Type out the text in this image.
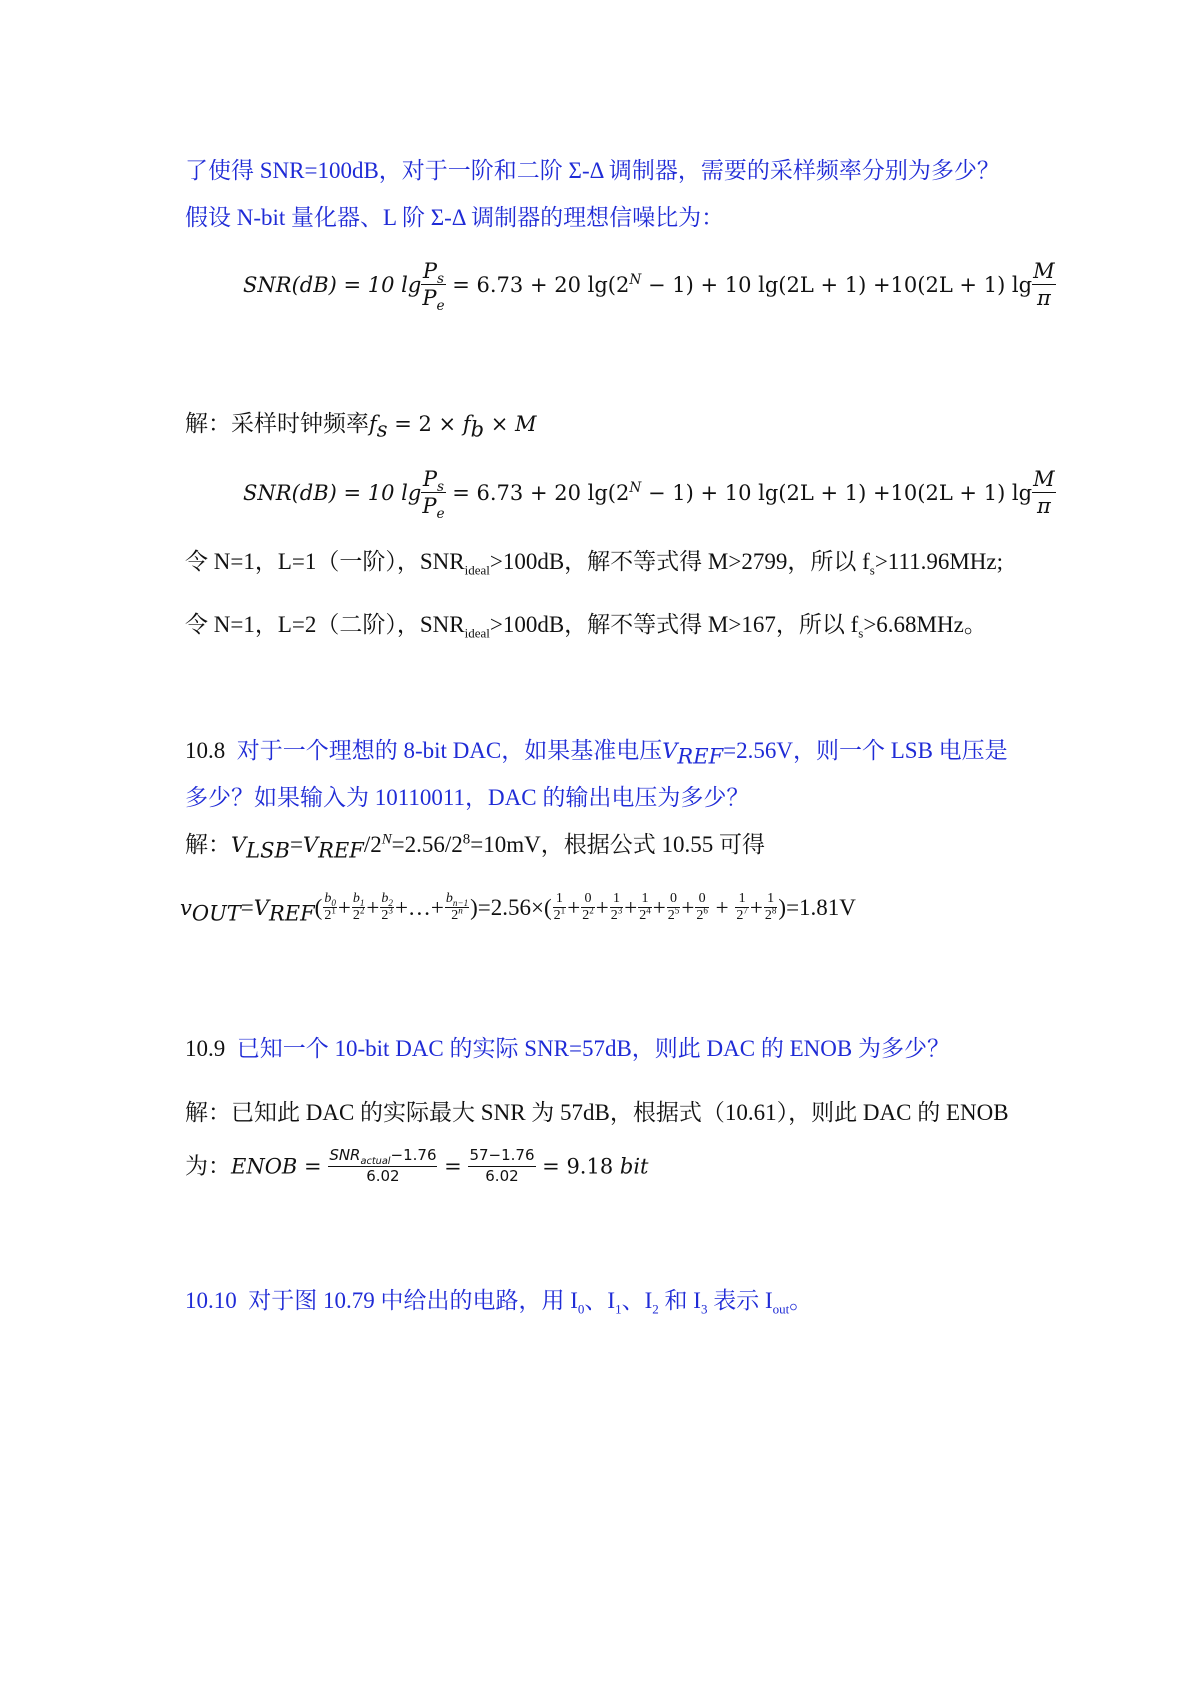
了使得 SNR=100dB，对于一阶和二阶 Σ-Δ 调制器，需要的采样频率分别为多少？
假设 N-bit 量化器、L 阶 Σ-Δ 调制器的理想信噪比为：
SNR(dB) = 10 $\lg \frac{P_s}{P_e} = 6.73 + 20$ $\lg(2^N - 1) + 10$ lg(2L + 1) +10(2L + 1) $\lg \frac{M}{\pi}$
解：采样时钟频率$f_s = 2 \times f_b \times M$
SNR(dB) = 10 $\lg \frac{P_s}{P_e} = 6.73 + 20$ $\lg(2^N - 1) + 10$ lg(2L + 1) +10(2L + 1) $\lg \frac{M}{\pi}$
令 N=1，L=1（一阶），$SNR_{ideal}>100dB$，解不等式得 M>2799，所以 $f_s>111.96MHz$;
令 N=1，L=2（二阶），$SNR_{ideal}>100dB$，解不等式得 M>167，所以 $f_s>6.68MHz$。
10.8 对于一个理想的 8-bit DAC，如果基准电压$V_{REF}=2.56V$，则一个 LSB 电压是
多少？如果输入为 10110011，DAC 的输出电压为多少？
解：$V_{LSB}=V_{REF}/2^N=2.56/2^8=10mV$，根据公式 10.55 可得
$v_{OUT}=V_{REF}( \frac{b_0}{2^1} + \frac{b_1}{2^2} + \frac{b_2}{2^3}$ +…+ $\frac{b_{n-1}}{2^n} )=2.56\times( \frac{1}{2^1} + \frac{0}{2^2} + \frac{1}{2^3} + \frac{1}{2^4} + \frac{0}{2^5} + \frac{0}{2^6} + \frac{1}{2^7} + \frac{1}{2^8} )=1.81V$
10.9 已知一个 10-bit DAC 的实际 SNR=57dB，则此 DAC 的 ENOB 为多少？
解：已知此 DAC 的实际最大 SNR 为 57dB，根据式（10.61），则此 DAC 的 ENOB
为：ENOB = $\frac{SNR_{actual}-1.76}{6.02} = \frac{57-1.76}{6.02} = 9.18$ bit
10.10 对于图 10.79 中给出的电路，用 $I_0$、$I_1$、$I_2$ 和 $I_3$ 表示 $I_{out}$。
